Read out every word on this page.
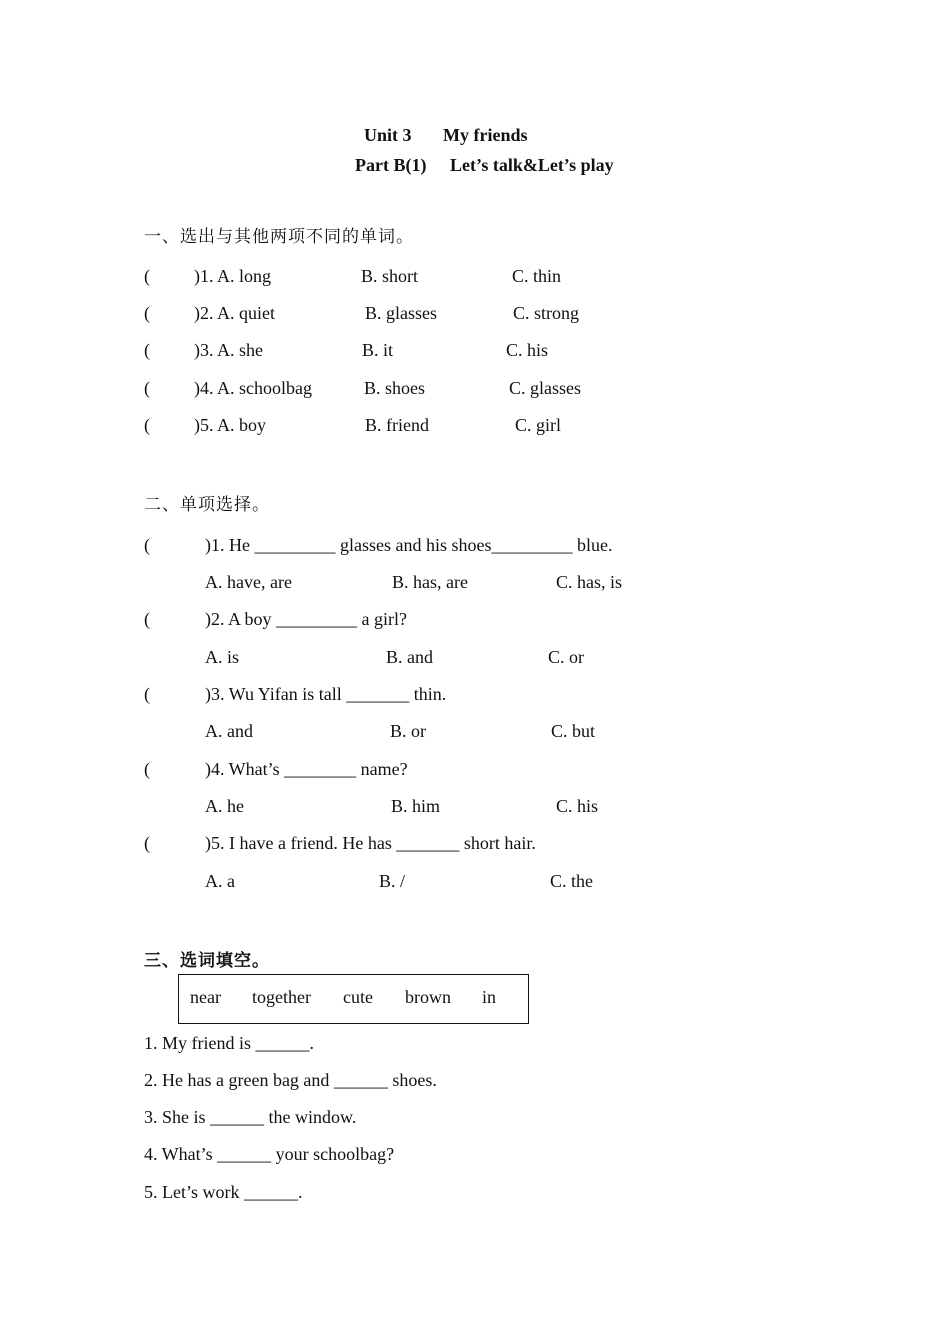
Unit 3 My friends
Part B(1) Let’s talk&Let’s play
一、选出与其他两项不同的单词。
( )1. A. long	B. short	C. thin
( )2. A. quiet	B. glasses	C. strong
( )3. A. she	B. it	C. his
( )4. A. schoolbag	B. shoes	C. glasses
( )5. A. boy	B. friend	C. girl
二、单项选择。
(	)1. He _________ glasses and his shoes_________ blue.
A. have, are	B. has, are	C. has, is
(	)2. A boy _________ a girl?
A. is	B. and	C. or
(	)3. Wu Yifan is tall _______ thin.
A. and	B. or	C. but
(	)4. What’s ________ name?
A. he	B. him	C. his
(	)5. I have a friend. He has _______ short hair.
A. a	B. /	C. the
三、选词填空。
near together cute brown in
1. My friend is ______.
2. He has a green bag and ______ shoes.
3. She is ______ the window.
4. What’s ______ your schoolbag?
5. Let’s work ______.
